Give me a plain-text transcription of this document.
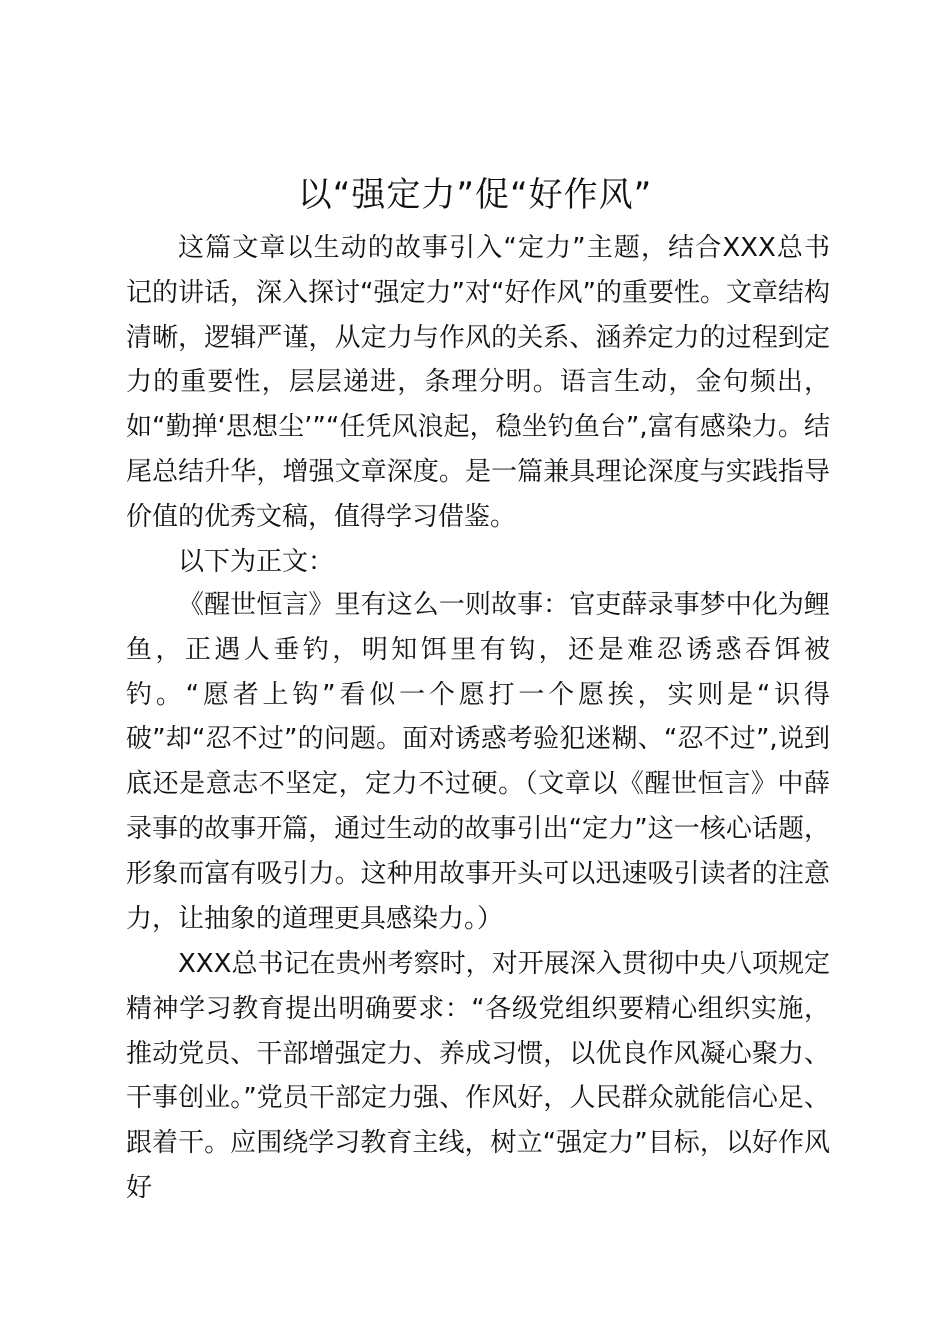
以“强定力”促“好作风”

这篇文章以生动的故事引入“定力”主题，结合XXX总书记的讲话，深入探讨“强定力”对“好作风”的重要性。文章结构清晰，逻辑严谨，从定力与作风的关系、涵养定力的过程到定力的重要性，层层递进，条理分明。语言生动，金句频出，如“勤掸‘思想尘’”“任凭风浪起，稳坐钓鱼台”,富有感染力。结尾总结升华，增强文章深度。是一篇兼具理论深度与实践指导价值的优秀文稿，值得学习借鉴。

以下为正文：

《醒世恒言》里有这么一则故事：官吏薛录事梦中化为鲤鱼，正遇人垂钓，明知饵里有钩，还是难忍诱惑吞饵被钓。“愿者上钩”看似一个愿打一个愿挨，实则是“识得破”却“忍不过”的问题。面对诱惑考验犯迷糊、“忍不过”,说到底还是意志不坚定，定力不过硬。（文章以《醒世恒言》中薛录事的故事开篇，通过生动的故事引出“定力”这一核心话题，形象而富有吸引力。这种用故事开头可以迅速吸引读者的注意力，让抽象的道理更具感染力。）

XXX总书记在贵州考察时，对开展深入贯彻中央八项规定精神学习教育提出明确要求：“各级党组织要精心组织实施，推动党员、干部增强定力、养成习惯，以优良作风凝心聚力、干事创业。”党员干部定力强、作风好，人民群众就能信心足、跟着干。应围绕学习教育主线，树立“强定力”目标，以好作风好
